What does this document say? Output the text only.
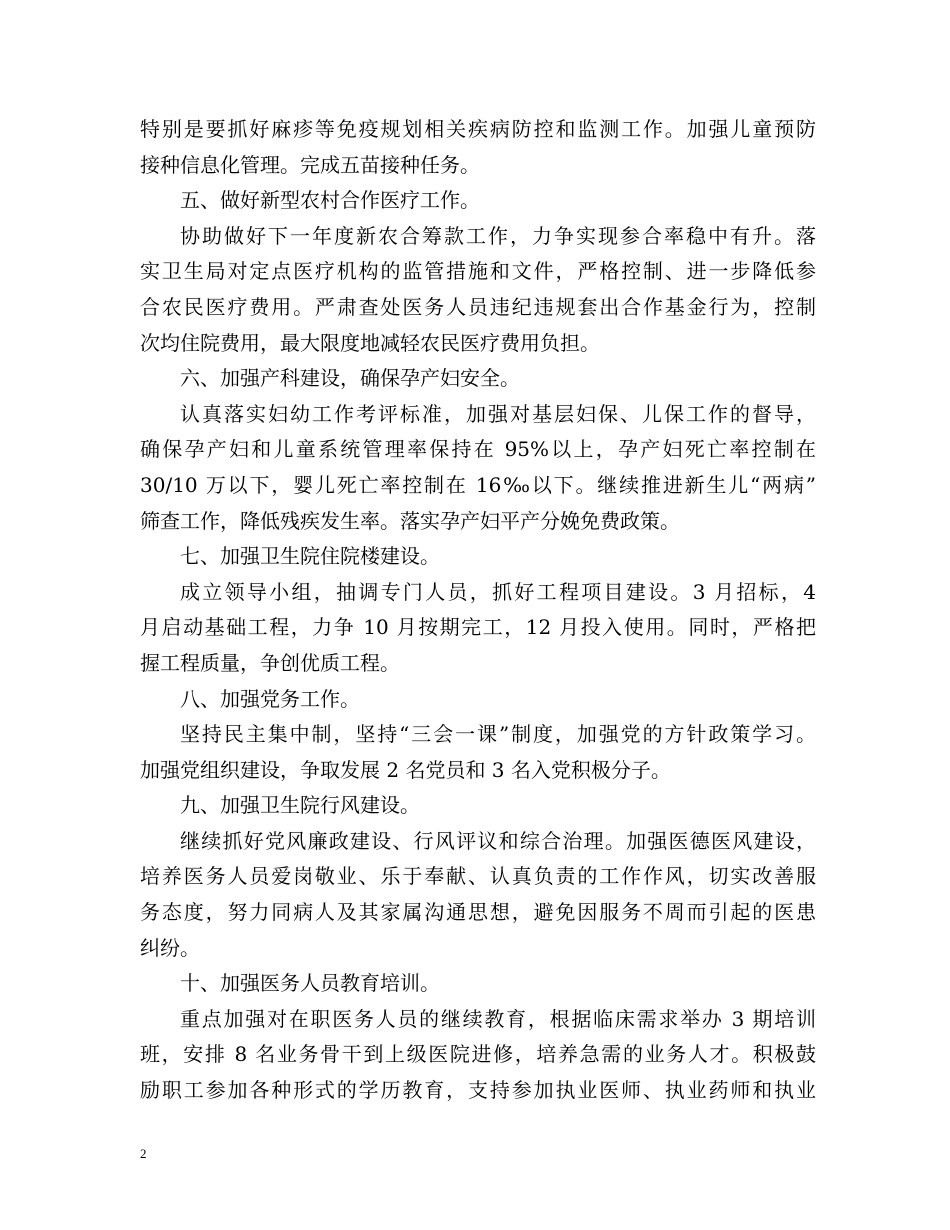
特别是要抓好麻疹等免疫规划相关疾病防控和监测工作。加强儿童预防

接种信息化管理。完成五苗接种任务。

五、做好新型农村合作医疗工作。

协助做好下一年度新农合筹款工作，力争实现参合率稳中有升。落

实卫生局对定点医疗机构的监管措施和文件，严格控制、进一步降低参

合农民医疗费用。严肃查处医务人员违纪违规套出合作基金行为，控制

次均住院费用，最大限度地减轻农民医疗费用负担。

六、加强产科建设，确保孕产妇安全。

认真落实妇幼工作考评标准，加强对基层妇保、儿保工作的督导，

确保孕产妇和儿童系统管理率保持在 95%以上，孕产妇死亡率控制在

30/10 万以下，婴儿死亡率控制在 16‰以下。继续推进新生儿“两病”

筛查工作，降低残疾发生率。落实孕产妇平产分娩免费政策。

七、加强卫生院住院楼建设。

成立领导小组，抽调专门人员，抓好工程项目建设。3 月招标，4

月启动基础工程，力争 10 月按期完工，12 月投入使用。同时，严格把

握工程质量，争创优质工程。

八、加强党务工作。

坚持民主集中制，坚持“三会一课”制度，加强党的方针政策学习。

加强党组织建设，争取发展 2 名党员和 3 名入党积极分子。

九、加强卫生院行风建设。

继续抓好党风廉政建设、行风评议和综合治理。加强医德医风建设，

培养医务人员爱岗敬业、乐于奉献、认真负责的工作作风，切实改善服

务态度，努力同病人及其家属沟通思想，避免因服务不周而引起的医患

纠纷。

十、加强医务人员教育培训。

重点加强对在职医务人员的继续教育，根据临床需求举办 3 期培训

班，安排 8 名业务骨干到上级医院进修，培养急需的业务人才。积极鼓

励职工参加各种形式的学历教育，支持参加执业医师、执业药师和执业

2
